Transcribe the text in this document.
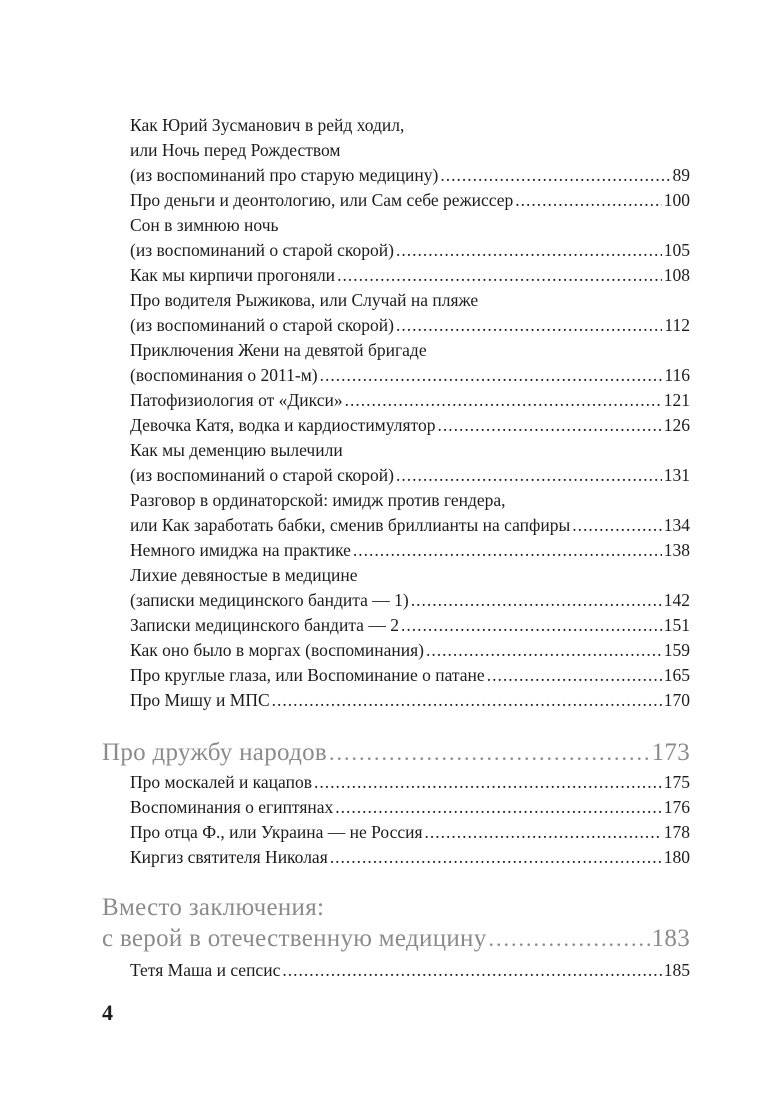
Как Юрий Зусманович в рейд ходил,
или Ночь перед Рождеством
(из воспоминаний про старую медицину) .....	89
Про деньги и деонтологию, или Сам себе режиссер .....	100
Сон в зимнюю ночь
(из воспоминаний о старой скорой) .....	105
Как мы кирпичи прогоняли .....	108
Про водителя Рыжикова, или Случай на пляже
(из воспоминаний о старой скорой) .....	112
Приключения Жени на девятой бригаде
(воспоминания о 2011-м) .....	116
Патофизиология от «Дикси» .....	121
Девочка Катя, водка и кардиостимулятор .....	126
Как мы деменцию вылечили
(из воспоминаний о старой скорой) .....	131
Разговор в ординаторской: имидж против гендера,
или Как заработать бабки, сменив бриллианты на сапфиры .....	134
Немного имиджа на практике .....	138
Лихие девяностые в медицине
(записки медицинского бандита — 1) .....	142
Записки медицинского бандита — 2 .....	151
Как оно было в моргах (воспоминания) .....	159
Про круглые глаза, или Воспоминание о патане .....	165
Про Мишу и МПС .....	170
Про дружбу народов .....	173
Про москалей и кацапов .....	175
Воспоминания о египтянах .....	176
Про отца Ф., или Украина — не Россия .....	178
Киргиз святителя Николая .....	180
Вместо заключения:
с верой в отечественную медицину .....	183
Тетя Маша и сепсис .....	185
4
